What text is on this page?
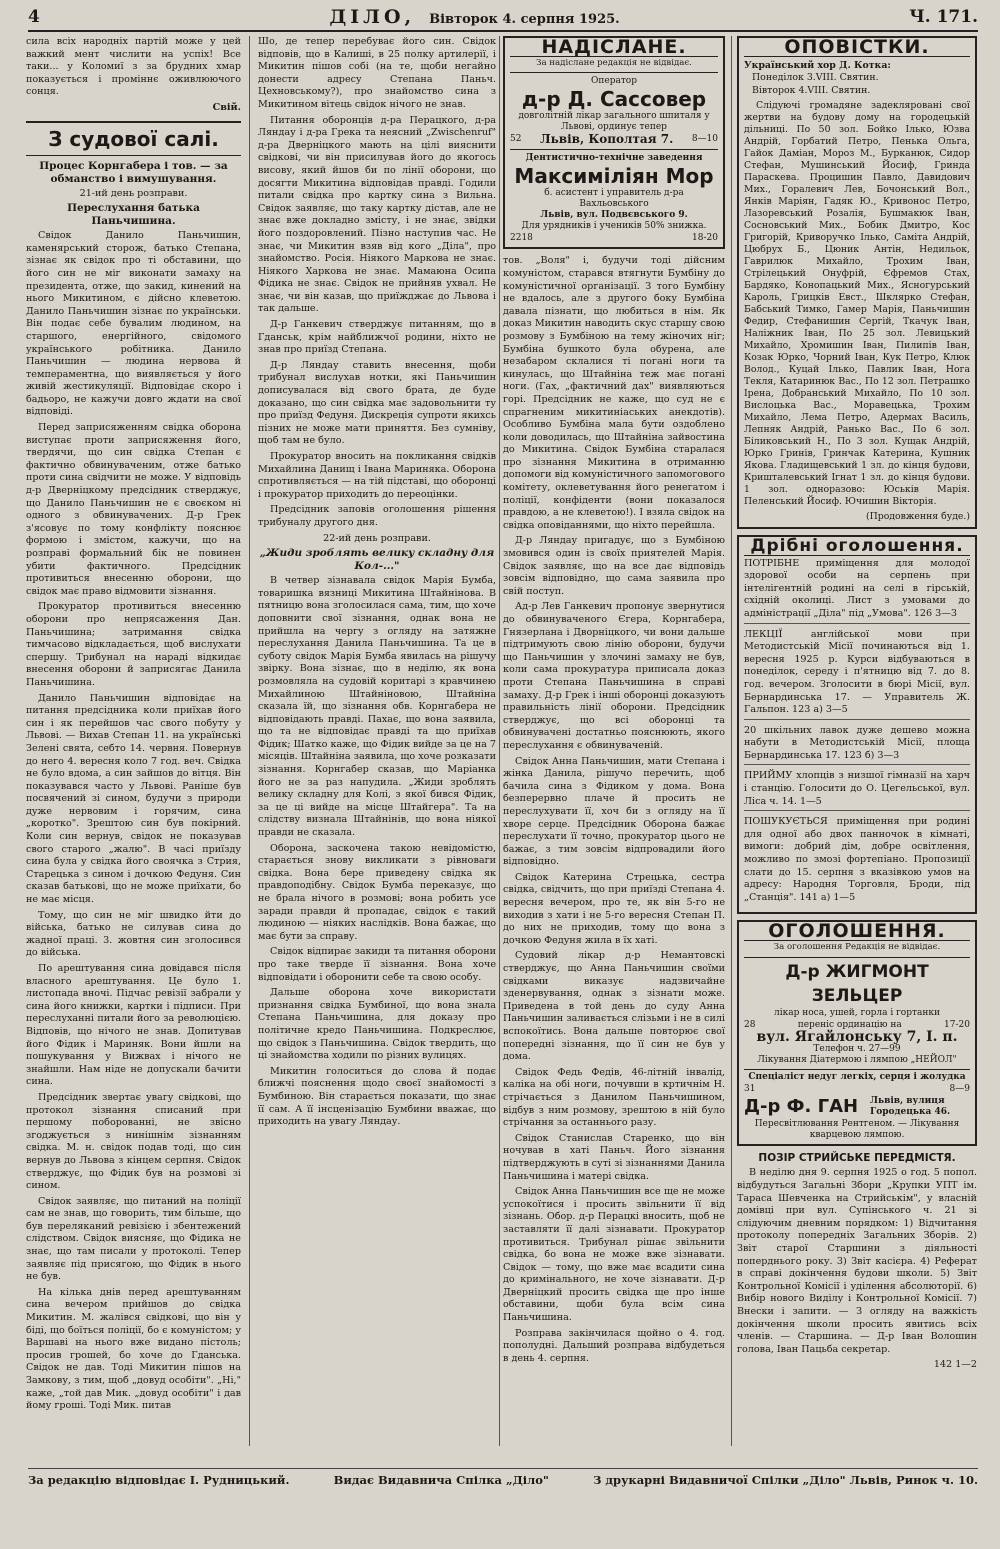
4	ДІЛО, Вівторок 4. серпня 1925.	Ч. 171.

сила всіх народніх партій може у цей важкий мент числити на успіх! Все таки... у Коломиї з за брудних хмар показується і проміннє оживлюючого сонця.

Свій.
З судової салі.
Процес Корнгабера і тов. — за обманство і вимушування.
21-ий день розправи.
Переслухання батька Паньчишина.

Свідок Данило Паньчишин, каменярський сторож, батько Степана, зізнає як свідок про ті обставини, що його син не міг виконати замаху на президента, отже, що закид, кинений на нього Микитином, є дійсно клеветою. Данило Паньчишин зізнає по українськи. Він подає себе бувалим людином, на старшого, енергійного, свідомого українського робітника. Данило Паньчишин — людина нервова й темпераментна, що виявляється у його живій жестикуляції. Відповідає скоро і бадьоро, не кажучи довго ждати на свої відповіді.

Перед заприсяженням свідка оборона виступає проти заприсяження його, твердячи, що син свідка Степан є фактично обвинуваченим, отже батько проти сина свідчити не може. У відповідь д-р Дверніцкому предсідник стверджує, що Данило Паньчишин не є своєком ні одного з обвинувачених. Д-р Грек з'ясовує по тому конфлікту пояснює формою і змістом, кажучи, що на розправі формальний бік не повинен убити фактичного. Предсідник противиться внесенню оборони, що свідок має право відмовити зізнання.

Прокуратор противиться внесенню оборони про непрясаження Дан. Паньчишина; затримання свідка тимчасово відкладається, щоб вислухати спершу. Трибунал на нараді відкидає внесення оборони й заприсягає Данила Паньчишина.

Данило Паньчишин відповідає на питання предсідника коли приїхав його син і як перейшов час свого побуту у Львові. — Вихав Степан 11. на українські Зелені свята, себто 14. червня. Повернув до него 4. вересня коло 7 год. веч. Свідка не було вдома, а син зайшов до вітця. Він показувався часто у Львові. Раніше був посвячений зі сином, будучи з природи дуже нервовим і горячим, сина „коротко". Зрештою син був покірний. Коли син вернув, свідок не показував свого старого „жалю". В часі приїзду сина була у свідка його своячка з Стрия, Старецька з сином і дочкою Федуня. Син сказав батькові, що не може приїхати, бо не має місця.

Тому, що син не міг швидко йти до війська, батько не силував сина до жадної праці. 3. жовтня син зголосився до війська.

По арештування сина довідався після власного арештування. Це було 1. листопада вночі. Підчас ревізії забрали у сина його книжки, картки і підписи. При переслуханні питали його за революцією. Відповів, що нічого не знав. Допитував його Фідик і Мариняк. Вони йшли на пошукування у Вижвах і нічого не знайшли. Нам ніде не допускали бачити сина.

Предсідник звертає увагу свідкові, що протокол зізнання списаний при першому поборованні, не звісно згоджується з нинішнім зізнанням свідка. М. н. свідок подав тоді, що син вернув до Львова з кінцем серпня. Свідок стверджує, що Фідик був на розмові зі сином.

Свідок заявляє, що питаний на поліції сам не знав, що говорить, тим більше, що був переляканий ревізією і збентежений слідством. Свідок виясняє, що Фідика не знає, що там писали у протоколі. Тепер заявляє під присягою, що Фідик в нього не був.

На кілька днів перед арештуванням сина вечером прийшов до свідка Микитин. М. жалівся свідкові, що він у біді, що боїться поліції, бо є комуністом; у Варшаві на нього вже видано пістоль; просив грошей, бо хоче до Гданська. Свідок не дав. Тоді Микитин пішов на Замкову, з тим, щоб „довуд особіти". „Ні," каже, „той дав Мик. „довуд особіти" і дав йому гроші. Тоді Мик. питав

Шо, де тепер перебуває його син. Свідок відповів, що в Калиші, в 25 полку артилерії, і Микитин пішов собі (на те, щоби негайно донести адресу Степана Паньч. Цехновському?), про знайомство сина з Микитином вітець свідок нічого не знав.

Питання оборонців д-ра Перацкого, д-ра Ляндау і д-ра Грека та неясний „Zwischenruf" д-ра Дверніцкого мають на цілі вияснити свідкові, чи він присилував його до якогось висову, який йшов би по лінії оборони, що досягти Микитина відповідав правді. Годили питали свідка про картку сина з Вильна. Свідок заявляє, що таку картку дістав, але не знає вже докладно змісту, і не знає, звідки його поздоровлений. Пізно наступив час. Не знає, чи Микитин взяв від кого „Діла", про знайомство. Росія. Ніякого Маркова не знає. Ніякого Харкова не знає. Мамаюна Осипа Фідика не знає. Свідок не прийняв ухвал. Не знає, чи він казав, що приїжджає до Львова і так дальше.

Д-р Ганкевич стверджує питанням, що в Гданськ, крім найближчої родини, ніхто не знав про приїзд Степана.

Д-р Ляндау ставить внесення, щоби трибунал вислухав нотки, які Паньчишин дописувалася від свого брата, де буде доказано, що син свідка має задовольнити ту про приїзд Федуня. Дискреція супроти якихсь пізних не може мати приняття. Без сумніву, щоб там не було.

Прокуратор вносить на покликання свідків Михайлина Данищ і Івана Мариняка. Оборона спротивляється — на тій підставі, що оборонці і прокуратор приходить до переоцінки.

Предсідник заповів оголошення рішення трибуналу другого дня.

22-ий день розправи.
„Жиди зроблять велику складну для Кол-..."

В четвер зізнавала свідок Марія Бумба, товаришка вязниці Микитина Штайнінова. В пятницю вона зголосилася сама, тим, що хоче доповнити свої зізнання, однак вона не прийшла на чергу з огляду на затяжне переслухання Данила Паньчишина. Та це в суботу свідок Марія Бумба явилась на рішучу звірку. Вона зізнає, що в неділю, як вона розмовляла на судовій коритарі з кравчинею Михайлиною Штайніновою, Штайніна сказала їй, що зізнання обв. Корнгабера не відповідають правді. Пахає, що вона заявила, що та не відповідає правді та що приїхав Фідик; Шатко каже, що Фідик вийде за це на 7 місяців. Штайніна заявила, що хоче розказати зізнання. Корнгабер сказав, що Маріанка його не за раз напудила. „Жиди зроблять велику складну для Колі, з якої бився Фідик, за це ці вийде на місце Штайгера". Та на слідству визнала Штайнінів, що вона ніякої правди не сказала.

Оборона, заскочена такою невідомістю, старається знову викликати з рівноваги свідка. Вона бере приведену свідка як правдоподібну. Свідок Бумба переказує, що не брала нічого в розмові; вона робить усе заради правди й пропадає, свідок є такий людиною — ніяких наслідків. Вона бажає, що має бути за справу.

Свідок відпирає закиди та питання оборони про таке тверде її зізнання. Вона хоче відповідати і оборонити себе та свою особу.

Дальше оборона хоче використати признання свідка Бумбиної, що вона знала Степана Паньчишина, для доказу про політичне кредо Паньчишина. Подкреслює, що свідок з Паньчишина. Свідок твердить, що ці знайомства ходили по різних вулицях.

Микитин голоситься до слова й подає ближчі пояснення щодо своєї знайомості з Бумбиною. Він старається показати, що знає її сам. А її інсценізацію Бумбини вважає, що приходить на увагу Ляндау.

НАДІСЛАНЕ.
За надіслане редакція не відвідає.
Оператор
д-р Д. Сассовер
довголітній лікар загального шпиталя у Львові, ординує тепер
52 Львів, Кополтая 7. 8—10
Дентистично-технічне заведення
Максиміліян Мор
б. асистент і управитель д-ра Вахльовського
Львів, вул. Подвєвського 9.
Для урядників і учеників 50% знижка.
2218	18-20

тов. „Воля" і, будучи тоді дійсним комуністом, старався втягнути Бумбіну до комуністичної організації. З того Бумбіну не вдалось, але з другого боку Бумбіна давала пізнати, що любиться в нім. Як доказ Микитин наводить скус старшу свою розмову з Бумбіною на тему жіночих ніг; Бумбіна бушкото була обурена, але незабаром склалися ті погані ноги та кинулась, що Штайніна теж має погані ноги. (Гах, „фактичний дах" виявляються горі. Предсідник не каже, що суд не є спрагненим микитиніаських анекдотів). Особливо Бумбіна мала бути оздоблено коли доводилась, що Штайніна зайвостина до Микитина. Свідок Бумбіна старалася про зізнання Микитина в отриманню допомоги від комуністичного запомогового комітету, оклеветування його ренегатом і поліції, конфіденти (вони показалося правдою, а не клеветою!). І взяла свідок на свідка оповіданнями, що ніхто перейшла.

Д-р Ляндау пригадує, що з Бумбіною змовився один із своїх приятелей Марія. Свідок заявляє, що на все дає відповідь зовсім відповідно, що сама заявила про свій поступ.

Ад-р Лев Ганкевич пропонує звернутися до обвинуваченого Єгера, Корнгабера, Гнязерлана і Дворніцкого, чи вони дальше підтримують свою лінію оборони, будучи що Паньчишин у злочині замаху не був, коли сама прокуратура приписала доказ проти Степана Паньчишина в справі замаху. Д-р Грек і інші оборонці доказують правильність лінії оборони. Предсідник стверджує, що всі оборонці та обвинувачені достатньо пояснюють, якого переслухання є обвинуваченій.

Свідок Анна Паньчишин, мати Степана і жінка Данила, рішучо перечить, щоб бачила сина з Фідиком у дома. Вона безперервно плаче й просить не переслухувати її, хоч би з огляду на її хворе серце. Предсідник Оборона бажає переслухати її точно, прокуратор цього не бажає, з тим зовсім відпровадили його відповідно.

Свідок Катерина Стрецька, сестра свідка, свідчить, що при приїзді Степана 4. вересня вечером, про те, як він 5-го не виходив з хати і не 5-го вересня Степан П. до них не приходив, тому що вона з дочкою Федуня жила в їх хаті.

Судовий лікар д-р Немантовскі стверджує, що Анна Паньчишин своїми свідками виказує надзвичайне зденервування, однак з зізнати може. Приведена в той день до суду Анна Паньчишин заливається слізьми і не в силі вспокоїтись. Вона дальше повторює свої попередні зізнання, що її син не був у дома.

Свідок Федь Федів, 46-літній інвалід, каліка на обі ноги, почувши в кртичнім Н. стрічається з Данилом Паньчишином, відбув з ним розмову, зрештою в ній було стрічання за останнього разу.

Свідок Станислав Старенко, що він ночував в хаті Паньч. Його зізнання підтверджують в суті зі зізнаннями Данила Паньчишина і матері свідка.

Свідок Анна Паньчишин все ще не може успокоїтися і просить звільнити її від зізнань. Обор. д-р Перацкі вносить, щоб не заставляти її далі зізнавати. Прокуратор противиться. Трибунал рішає звільнити свідка, бо вона не може вже зізнавати. Свідок — тому, що вже має всадити сина до кримінального, не хоче зізнавати. Д-р Дверніцкий просить свідка ще про інше обставини, щоби була всім сина Паньчишина.

Розправа закінчилася щойно о 4. год. пополудні. Дальший розправа відбудеться в день 4. серпня.

ОПОВІСТКИ.
Український хор Д. Котка:
Понеділок 3.VIII. Святин.
Вівторок 4.VIII. Святин.

Слідуючі громадяне задекляровані свої жертви на будову дому на городецькій дільниці. По 50 зол. Бойко Ілько, Юзва Андрій, Горбатий Петро, Пенька Ольга, Гайок Даміан, Мороз М., Бурканюк, Сидор Стефан, Мушинський Йосиф, Гринда Параскева. Процишин Павло, Давидович Мих., Горалевич Лев, Бочонський Вол., Янків Маріян, Гадяк Ю., Кривонос Петро, Лазоревський Розалія, Бушмакюк Іван, Сосновський Мих., Бобик Дмитро, Кос Григорій, Криворучко Ілько, Саміта Андрій, Цюбрух Б., Цюник Антін, Недильок, Гаврилюк Михайло, Трохим Іван, Стрілецький Онуфрій, Єфремов Стах, Бардяко, Конопацький Мих., Ясногурський Кароль, Грицків Евст., Шклярко Стефан, Бабський Тимко, Гамер Марія, Паньчишин Федир, Стефанишин Сергій, Ткачук Іван, Наліжник Іван, По 25 зол. Левицький Михайло, Хромишин Іван, Пилипів Іван, Козак Юрко, Чорний Іван, Кук Петро, Клюк Волод., Куцай Ілько, Павлик Іван, Нога Текля, Катаринюк Вас., По 12 зол. Петрашко Ірена, Добранський Михайло, По 10 зол. Вислоцька Вас., Моравецька, Трохим Михайло, Лема Петро, Адермах Василь, Лепняк Андрій, Ранько Вас., По 6 зол. Біликовський Н., По 3 зол. Кущак Андрій, Юрко Гринів, Гринчак Катерина, Кушник Якова. Гладищевський 1 зл. до кінця будови, Кришталевський Ігнат 1 зл. до кінця будови. 1 зол. одноразово: Юськів Марія. Пеленський Йосиф. Ючишин Вікторія.

(Продовження буде.)
Дрібні оголошення.

ПОТРІБНЕ приміщення для молодої здорової особи на серпень при інтелігентній родині на селі в гірській, східній околиці. Лист з умовами до адміністрації „Діла" під „Умова". 126 3—3

ЛЕКЦІЇ англійської мови при Методистській Місії починаються від 1. вересня 1925 р. Курси відбуваються в понеділок, середу і п'ятницю від 7. до 8. год. вечером. Зголосити в бюрі Місії, вул. Бернардинська 17. — Управитель Ж. Гальпон. 123 а) 3—5

20 шкільних лавок дуже дешево можна набути в Методистській Місії, площа Бернардинська 17. 123 б) 3—3

ПРИЙМУ хлопців з низшої гімназії на харч і станцію. Голосити до О. Цегельської, вул. Ліса ч. 14. 1—5

ПОШУКУЄТЬСЯ приміщення при родині для одної або двох панночок в кімнаті, вимоги: добрий дім, добре освітлення, можливо по змозі фортепіано. Пропозиції слати до 15. серпня з вказівкою умов на адресу: Народня Торговля, Броди, під „Станція". 141 а) 1—5

ОГОЛОШЕННЯ.
За оголошення Редакція не відвідає.
Д-р ЖИГМОНТ ЗЕЛЬЦЕР
лікар носа, ушей, горла і гортанки
28	переніс ординацію на	17-20
вул. Ягайлонську 7, І. п.
Телефон ч. 27—99
Лікування Діатермою і лямпою „НЕЙОЛ"
Спеціаліст недуг легкіх, серця і жолудка
31	8—9
Д-р Ф. ГАН Львів, вулиця Городецька 46.
Пересвітлювання Рентгеном. — Лікування кварцевою лямпою.
ПОЗІР СТРИЙСЬКЕ ПЕРЕДМІСТЯ.

В неділю дня 9. серпня 1925 о год. 5 попол. відбудуться Загальні Збори „Крупки УПТ ім. Тараса Шевченка на Стрийськім", у власній домівці при вул. Супінського ч. 21 зі слідуючим дневним порядком: 1) Відчитання протоколу попередніх Загальних Зборів. 2) Звіт старої Старшини з діяльності поперднього року. 3) Звіт касієра. 4) Реферат в справі докінчення будови школи. 5) Звіт Контрольної Комісії і уділення абсолюторії. 6) Вибір нового Виділу і Контрольної Комісії. 7) Внески і запити. — З огляду на важкість докінчення школи просить явитись всіх членів. — Старшина. — Д-р Іван Волошин голова, Іван Пацьба секретар.

142 1—2
За редакцію відповідає І. Рудницький.	Видає Видавнича Спілка „Діло"	З друкарні Видавничої Спілки „Діло" Львів, Ринок ч. 10.
